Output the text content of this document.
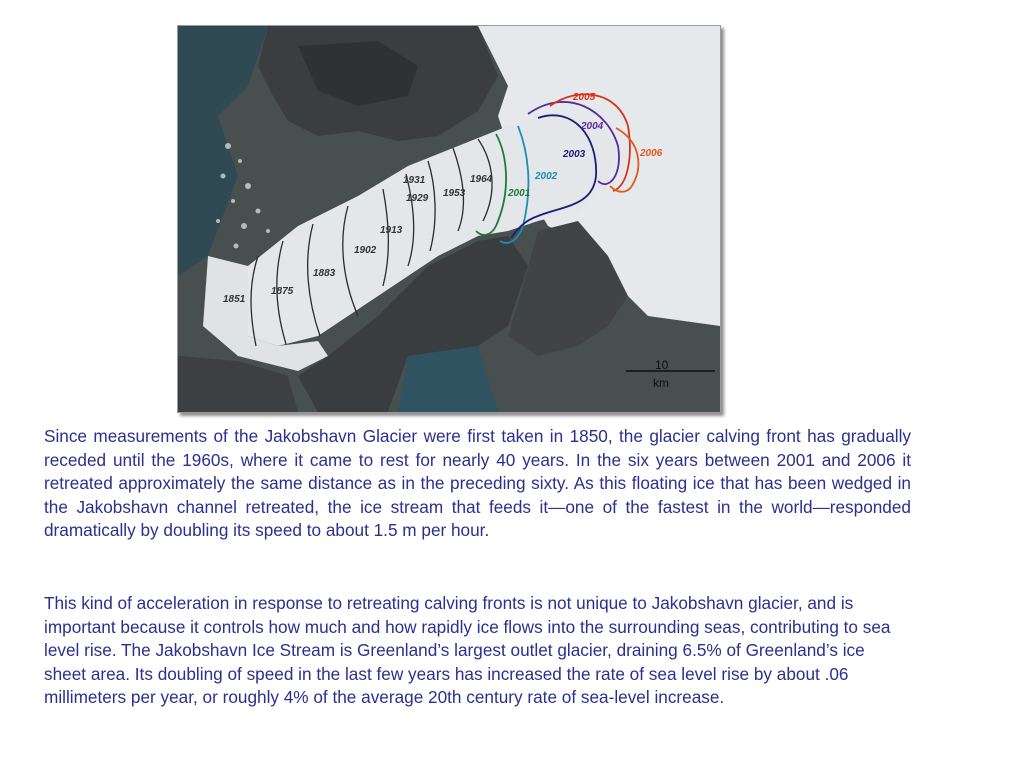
1851
1875
1883
1902
1913
1929
1931
1953
1964
2001
2002
2003
2004
2005
2006
10
km

Since measurements of the Jakobshavn Glacier were first taken in 1850, the glacier calving front has gradually receded until the 1960s, where it came to rest for nearly 40 years. In the six years between 2001 and 2006 it retreated approximately the same distance as in the preceding sixty. As this floating ice that has been wedged in the Jakobshavn channel retreated, the ice stream that feeds it—one of the fastest in the world—responded dramatically by doubling its speed to about 1.5 m per hour.

This kind of acceleration in response to retreating calving fronts is not unique to Jakobshavn glacier, and is important because it controls how much and how rapidly ice flows into the surrounding seas, contributing to sea level rise. The Jakobshavn Ice Stream is Greenland’s largest outlet glacier, draining 6.5% of Greenland’s ice sheet area. Its doubling of speed in the last few years has increased the rate of sea level rise by about .06 millimeters per year, or roughly 4% of the average 20th century rate of sea-level increase.
